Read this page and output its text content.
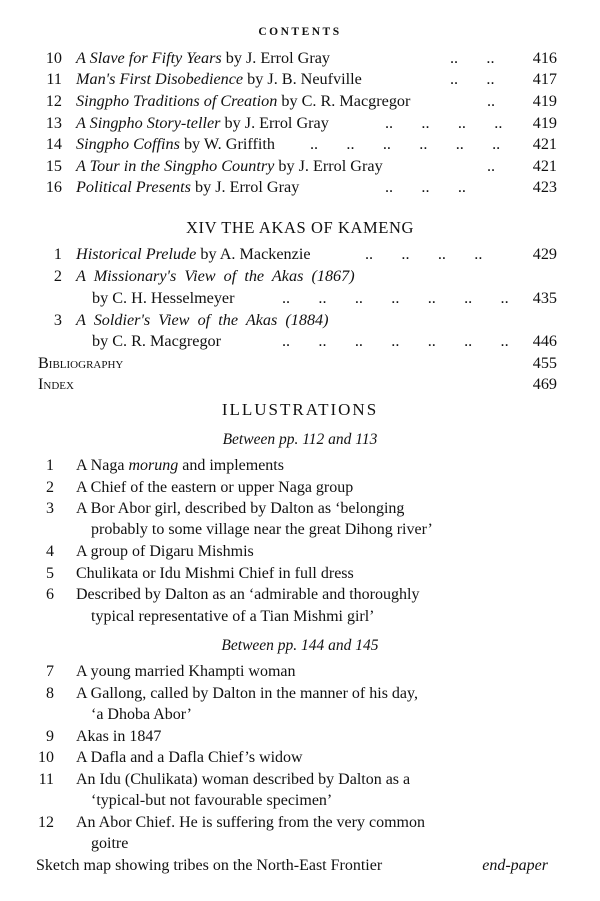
CONTENTS
10 A Slave for Fifty Years by J. Errol Gray	..       .. 416
11 Man's First Disobedience by J. B. Neufville	..       .. 417
12 Singpho Traditions of Creation by C. R. Macgregor	.. 419
13 A Singpho Story-teller by J. Errol Gray	..       ..       ..       .. 419
14 Singpho Coffins by W. Griffith ..       ..       ..       ..       ..       .. 421
15 A Tour in the Singpho Country by J. Errol Gray	.. 421
16 Political Presents by J. Errol Gray	..       ..       ..	423
XIV THE AKAS OF KAMENG
1 Historical Prelude by A. Mackenzie	..       ..       ..       ..	429
2 A  Missionary's  View  of  the  Akas  (1867)
by C. H. Hesselmeyer	..       ..       ..       ..       ..       ..       .. 435
3 A  Soldier's  View  of  the  Akas  (1884)
by C. R. Macgregor	..       ..       ..       ..       ..       ..       .. 446
Bibliography	455
Index	469
ILLUSTRATIONS
Between pp. 112 and 113
1 A Naga morung and implements
2 A Chief of the eastern or upper Naga group
3 A Bor Abor girl, described by Dalton as ‘belonging
probably to some village near the great Dihong river’
4 A group of Digaru Mishmis
5 Chulikata or Idu Mishmi Chief in full dress
6 Described by Dalton as an ‘admirable and thoroughly
typical representative of a Tian Mishmi girl’
Between pp. 144 and 145
7 A young married Khampti woman
8 A Gallong, called by Dalton in the manner of his day,
‘a Dhoba Abor’
9 Akas in 1847
10 A Dafla and a Dafla Chief’s widow
11 An Idu (Chulikata) woman described by Dalton as a
‘typical-but not favourable specimen’
12 An Abor Chief. He is suffering from the very common
goitre
Sketch map showing tribes on the North-East Frontier	end-paper
